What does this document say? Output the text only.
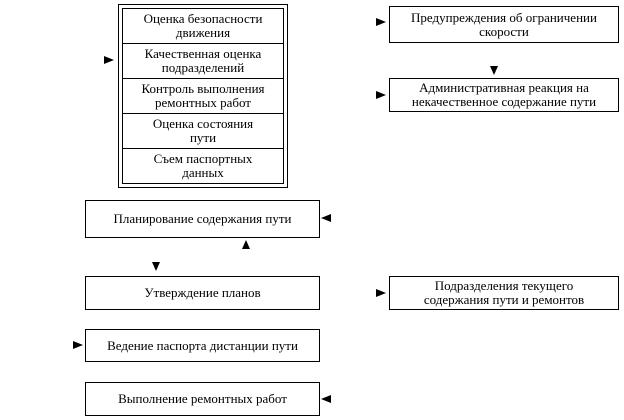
Оценка безопасности
движения
Качественная оценка
подразделений
Контроль выполнения
ремонтных работ
Оценка состояния
пути
Съем паспортных
данных
Предупреждения об ограничении
скорости
Административная реакция на
некачественное содержание пути
Подразделения текущего
содержания пути и ремонтов
Планирование содержания пути
Утверждение планов
Ведение паспорта дистанции пути
Выполнение ремонтных работ
